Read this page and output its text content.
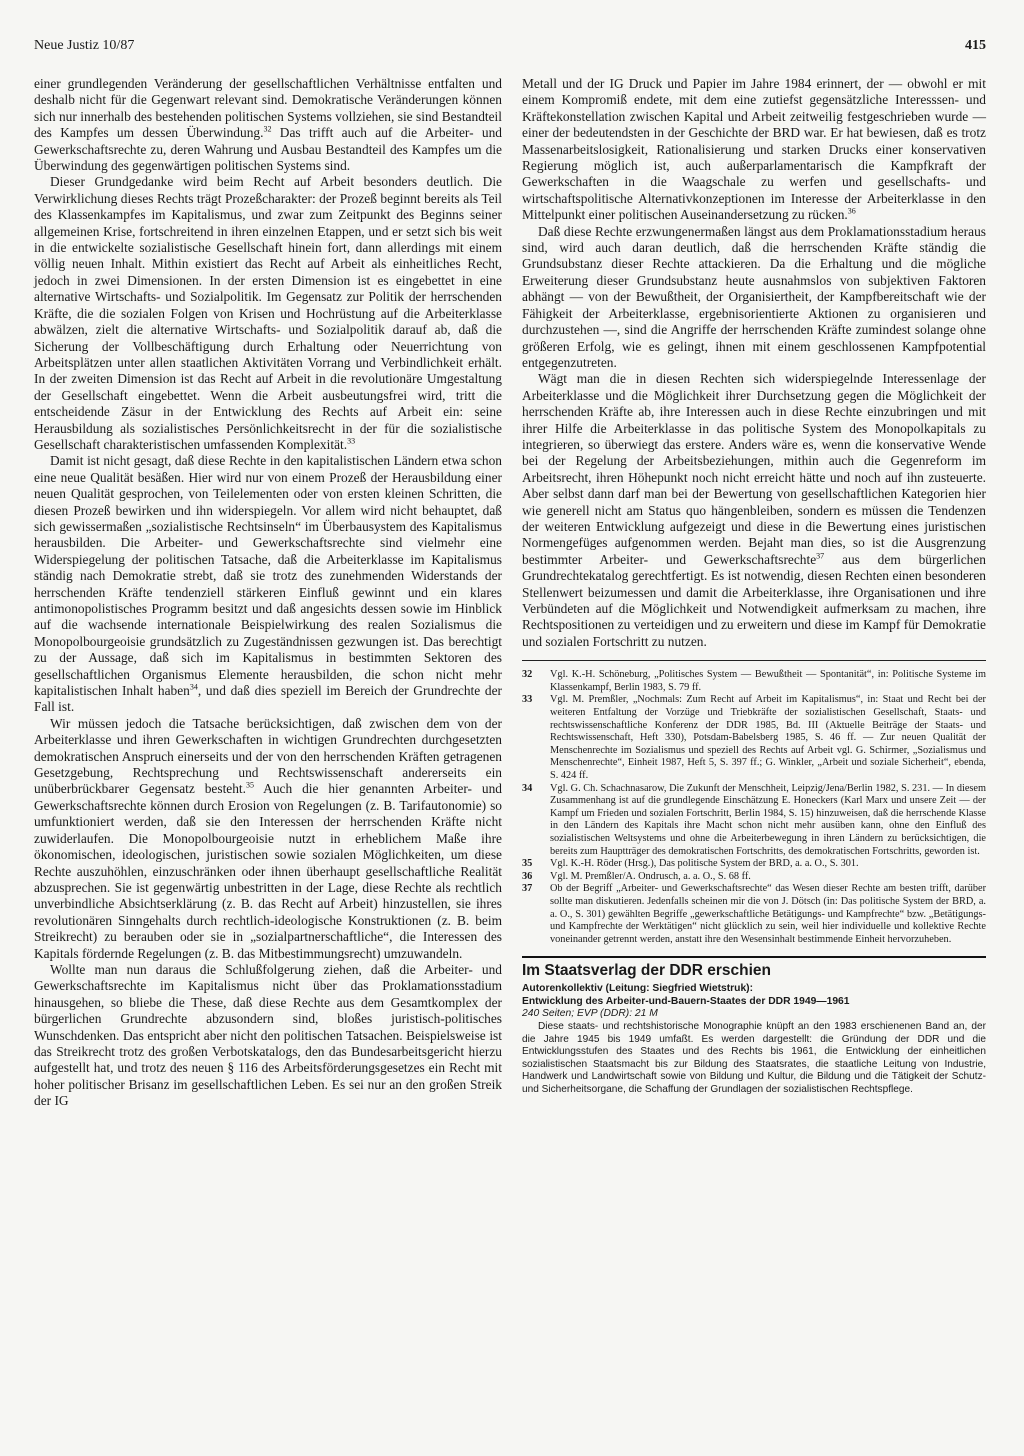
Neue Justiz 10/87	415

einer grundlegenden Veränderung der gesellschaftlichen Verhältnisse entfalten und deshalb nicht für die Gegenwart relevant sind. Demokratische Veränderungen können sich nur innerhalb des bestehenden politischen Systems vollziehen, sie sind Bestandteil des Kampfes um dessen Überwindung.$^{32}$ Das trifft auch auf die Arbeiter- und Gewerkschaftsrechte zu, deren Wahrung und Ausbau Bestandteil des Kampfes um die Überwindung des gegenwärtigen politischen Systems sind.

Dieser Grundgedanke wird beim Recht auf Arbeit besonders deutlich. Die Verwirklichung dieses Rechts trägt Prozeßcharakter: der Prozeß beginnt bereits als Teil des Klassenkampfes im Kapitalismus, und zwar zum Zeitpunkt des Beginns seiner allgemeinen Krise, fortschreitend in ihren einzelnen Etappen, und er setzt sich bis weit in die entwickelte sozialistische Gesellschaft hinein fort, dann allerdings mit einem völlig neuen Inhalt. Mithin existiert das Recht auf Arbeit als einheitliches Recht, jedoch in zwei Dimensionen. In der ersten Dimension ist es eingebettet in eine alternative Wirtschafts- und Sozialpolitik. Im Gegensatz zur Politik der herrschenden Kräfte, die die sozialen Folgen von Krisen und Hochrüstung auf die Arbeiterklasse abwälzen, zielt die alternative Wirtschafts- und Sozialpolitik darauf ab, daß die Sicherung der Vollbeschäftigung durch Erhaltung oder Neuerrichtung von Arbeitsplätzen unter allen staatlichen Aktivitäten Vorrang und Verbindlichkeit erhält. In der zweiten Dimension ist das Recht auf Arbeit in die revolutionäre Umgestaltung der Gesellschaft eingebettet. Wenn die Arbeit ausbeutungsfrei wird, tritt die entscheidende Zäsur in der Entwicklung des Rechts auf Arbeit ein: seine Herausbildung als sozialistisches Persönlichkeitsrecht in der für die sozialistische Gesellschaft charakteristischen umfassenden Komplexität.$^{33}$

Damit ist nicht gesagt, daß diese Rechte in den kapitalistischen Ländern etwa schon eine neue Qualität besäßen. Hier wird nur von einem Prozeß der Herausbildung einer neuen Qualität gesprochen, von Teilelementen oder von ersten kleinen Schritten, die diesen Prozeß bewirken und ihn widerspiegeln. Vor allem wird nicht behauptet, daß sich gewissermaßen „sozialistische Rechtsinseln“ im Überbausystem des Kapitalismus herausbilden. Die Arbeiter- und Gewerkschaftsrechte sind vielmehr eine Widerspiegelung der politischen Tatsache, daß die Arbeiterklasse im Kapitalismus ständig nach Demokratie strebt, daß sie trotz des zunehmenden Widerstands der herrschenden Kräfte tendenziell stärkeren Einfluß gewinnt und ein klares antimonopolistisches Programm besitzt und daß angesichts dessen sowie im Hinblick auf die wachsende internationale Beispielwirkung des realen Sozialismus die Monopolbourgeoisie grundsätzlich zu Zugeständnissen gezwungen ist. Das berechtigt zu der Aussage, daß sich im Kapitalismus in bestimmten Sektoren des gesellschaftlichen Organismus Elemente herausbilden, die schon nicht mehr kapitalistischen Inhalt haben$^{34}$, und daß dies speziell im Bereich der Grundrechte der Fall ist.

Wir müssen jedoch die Tatsache berücksichtigen, daß zwischen dem von der Arbeiterklasse und ihren Gewerkschaften in wichtigen Grundrechten durchgesetzten demokratischen Anspruch einerseits und der von den herrschenden Kräften getragenen Gesetzgebung, Rechtsprechung und Rechtswissenschaft andererseits ein unüberbrückbarer Gegensatz besteht.$^{35}$ Auch die hier genannten Arbeiter- und Gewerkschaftsrechte können durch Erosion von Regelungen (z. B. Tarifautonomie) so umfunktioniert werden, daß sie den Interessen der herrschenden Kräfte nicht zuwiderlaufen. Die Monopolbourgeoisie nutzt in erheblichem Maße ihre ökonomischen, ideologischen, juristischen sowie sozialen Möglichkeiten, um diese Rechte auszuhöhlen, einzuschränken oder ihnen überhaupt gesellschaftliche Realität abzusprechen. Sie ist gegenwärtig unbestritten in der Lage, diese Rechte als rechtlich unverbindliche Absichtserklärung (z. B. das Recht auf Arbeit) hinzustellen, sie ihres revolutionären Sinngehalts durch rechtlich-ideologische Konstruktionen (z. B. beim Streikrecht) zu berauben oder sie in „sozialpartnerschaftliche“, die Interessen des Kapitals fördernde Regelungen (z. B. das Mitbestimmungsrecht) umzuwandeln.

Wollte man nun daraus die Schlußfolgerung ziehen, daß die Arbeiter- und Gewerkschaftsrechte im Kapitalismus nicht über das Proklamationsstadium hinausgehen, so bliebe die These, daß diese Rechte aus dem Gesamtkomplex der bürgerlichen Grundrechte abzusondern sind, bloßes juristisch-politisches Wunschdenken. Das entspricht aber nicht den politischen Tatsachen. Beispielsweise ist das Streikrecht trotz des großen Verbotskatalogs, den das Bundesarbeitsgericht hierzu aufgestellt hat, und trotz des neuen § 116 des Arbeitsförderungsgesetzes ein Recht mit hoher politischer Brisanz im gesellschaftlichen Leben. Es sei nur an den großen Streik der IG

Metall und der IG Druck und Papier im Jahre 1984 erinnert, der — obwohl er mit einem Kompromiß endete, mit dem eine zutiefst gegensätzliche Interesssen- und Kräftekonstellation zwischen Kapital und Arbeit zeitweilig festgeschrieben wurde — einer der bedeutendsten in der Geschichte der BRD war. Er hat bewiesen, daß es trotz Massenarbeitslosigkeit, Rationalisierung und starken Drucks einer konservativen Regierung möglich ist, auch außerparlamentarisch die Kampfkraft der Gewerkschaften in die Waagschale zu werfen und gesellschafts- und wirtschaftspolitische Alternativkonzeptionen im Interesse der Arbeiterklasse in den Mittelpunkt einer politischen Auseinandersetzung zu rücken.$^{36}$

Daß diese Rechte erzwungenermaßen längst aus dem Proklamationsstadium heraus sind, wird auch daran deutlich, daß die herrschenden Kräfte ständig die Grundsubstanz dieser Rechte attackieren. Da die Erhaltung und die mögliche Erweiterung dieser Grundsubstanz heute ausnahmslos von subjektiven Faktoren abhängt — von der Bewußtheit, der Organisiertheit, der Kampfbereitschaft wie der Fähigkeit der Arbeiterklasse, ergebnisorientierte Aktionen zu organisieren und durchzustehen —, sind die Angriffe der herrschenden Kräfte zumindest solange ohne größeren Erfolg, wie es gelingt, ihnen mit einem geschlossenen Kampfpotential entgegenzutreten.

Wägt man die in diesen Rechten sich widerspiegelnde Interessenlage der Arbeiterklasse und die Möglichkeit ihrer Durchsetzung gegen die Möglichkeit der herrschenden Kräfte ab, ihre Interessen auch in diese Rechte einzubringen und mit ihrer Hilfe die Arbeiterklasse in das politische System des Monopolkapitals zu integrieren, so überwiegt das erstere. Anders wäre es, wenn die konservative Wende bei der Regelung der Arbeitsbeziehungen, mithin auch die Gegenreform im Arbeitsrecht, ihren Höhepunkt noch nicht erreicht hätte und noch auf ihn zusteuerte. Aber selbst dann darf man bei der Bewertung von gesellschaftlichen Kategorien hier wie generell nicht am Status quo hängenbleiben, sondern es müssen die Tendenzen der weiteren Entwicklung aufgezeigt und diese in die Bewertung eines juristischen Normengefüges aufgenommen werden. Bejaht man dies, so ist die Ausgrenzung bestimmter Arbeiter- und Gewerkschaftsrechte$^{37}$ aus dem bürgerlichen Grundrechtekatalog gerechtfertigt. Es ist notwendig, diesen Rechten einen besonderen Stellenwert beizumessen und damit die Arbeiterklasse, ihre Organisationen und ihre Verbündeten auf die Möglichkeit und Notwendigkeit aufmerksam zu machen, ihre Rechtspositionen zu verteidigen und zu erweitern und diese im Kampf für Demokratie und sozialen Fortschritt zu nutzen.

32	Vgl. K.-H. Schöneburg, „Politisches System — Bewußtheit — Spontanität“, in: Politische Systeme im Klassenkampf, Berlin 1983, S. 79 ff.
33	Vgl. M. Premßler, „Nochmals: Zum Recht auf Arbeit im Kapitalismus“, in: Staat und Recht bei der weiteren Entfaltung der Vorzüge und Triebkräfte der sozialistischen Gesellschaft, Staats- und rechtswissenschaftliche Konferenz der DDR 1985, Bd. III (Aktuelle Beiträge der Staats- und Rechtswissenschaft, Heft 330), Potsdam-Babelsberg 1985, S. 46 ff. — Zur neuen Qualität der Menschenrechte im Sozialismus und speziell des Rechts auf Arbeit vgl. G. Schirmer, „Sozialismus und Menschenrechte“, Einheit 1987, Heft 5, S. 397 ff.; G. Winkler, „Arbeit und soziale Sicherheit“, ebenda, S. 424 ff.
34	Vgl. G. Ch. Schachnasarow, Die Zukunft der Menschheit, Leipzig/Jena/Berlin 1982, S. 231. — In diesem Zusammenhang ist auf die grundlegende Einschätzung E. Honeckers (Karl Marx und unsere Zeit — der Kampf um Frieden und sozialen Fortschritt, Berlin 1984, S. 15) hinzuweisen, daß die herrschende Klasse in den Ländern des Kapitals ihre Macht schon nicht mehr ausüben kann, ohne den Einfluß des sozialistischen Weltsystems und ohne die Arbeiterbewegung in ihren Ländern zu berücksichtigen, die bereits zum Hauptträger des demokratischen Fortschritts, des demokratischen Fortschritts, geworden ist.
35	Vgl. K.-H. Röder (Hrsg.), Das politische System der BRD, a. a. O., S. 301.
36	Vgl. M. Premßler/A. Ondrusch, a. a. O., S. 68 ff.
37	Ob der Begriff „Arbeiter- und Gewerkschaftsrechte“ das Wesen dieser Rechte am besten trifft, darüber sollte man diskutieren. Jedenfalls scheinen mir die von J. Dötsch (in: Das politische System der BRD, a. a. O., S. 301) gewählten Begriffe „gewerkschaftliche Betätigungs- und Kampfrechte“ bzw. „Betätigungs- und Kampfrechte der Werktätigen“ nicht glücklich zu sein, weil hier individuelle und kollektive Rechte voneinander getrennt werden, anstatt ihre den Wesensinhalt bestimmende Einheit hervorzuheben.
Im Staatsverlag der DDR erschien
Autorenkollektiv (Leitung: Siegfried Wietstruk):
Entwicklung des Arbeiter-und-Bauern-Staates der DDR 1949—1961
240 Seiten; EVP (DDR): 21 M

Diese staats- und rechtshistorische Monographie knüpft an den 1983 erschienenen Band an, der die Jahre 1945 bis 1949 umfaßt. Es werden dargestellt: die Gründung der DDR und die Entwicklungsstufen des Staates und des Rechts bis 1961, die Entwicklung der einheitlichen sozialistischen Staatsmacht bis zur Bildung des Staatsrates, die staatliche Leitung von Industrie, Handwerk und Landwirtschaft sowie von Bildung und Kultur, die Bildung und die Tätigkeit der Schutz- und Sicherheitsorgane, die Schaffung der Grundlagen der sozialistischen Rechtspflege.
